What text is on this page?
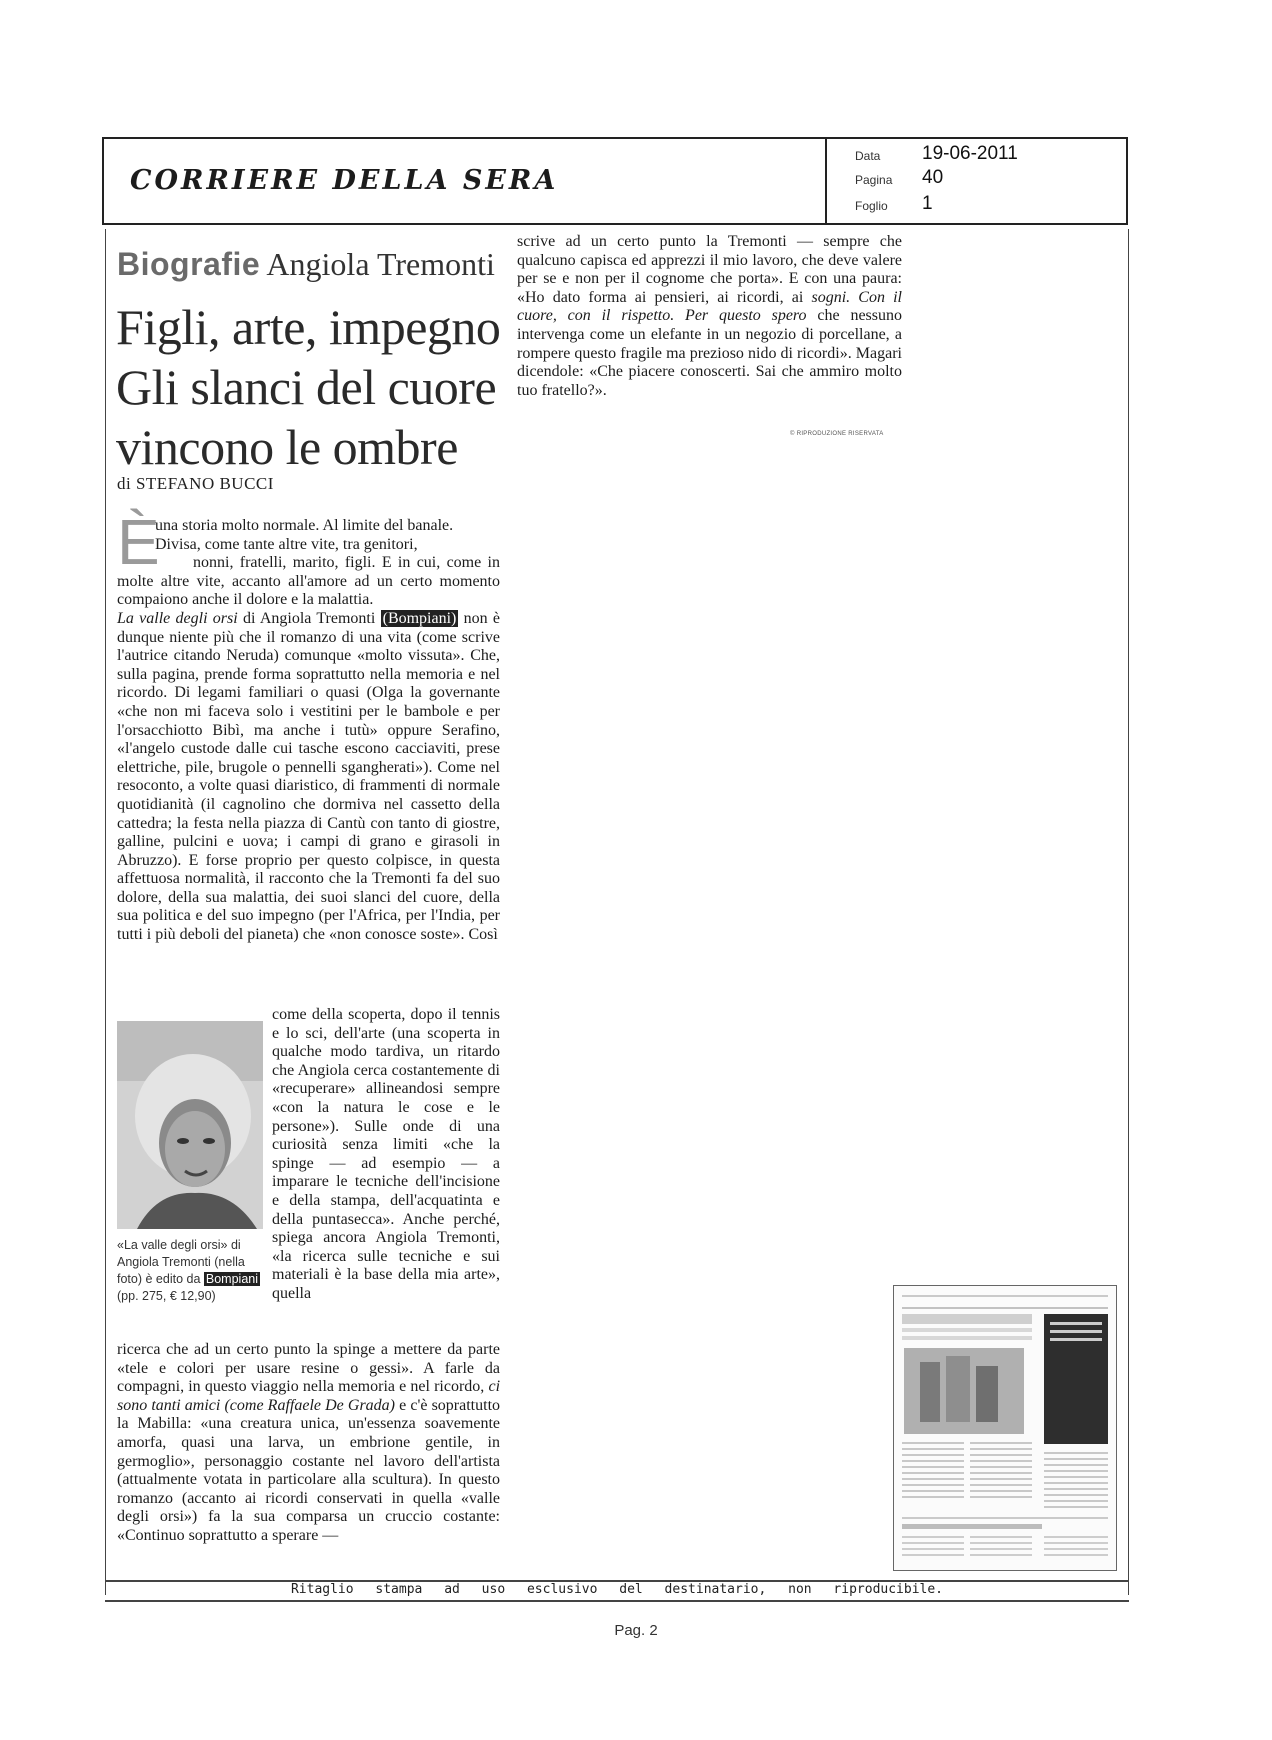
CORRIERE DELLA SERA
Data 19-06-2011
Pagina 40
Foglio 1
Biografie Angiola Tremonti
Figli, arte, impegno
Gli slanci del cuore
vincono le ombre
di STEFANO BUCCI
È

una storia molto normale. Al limite del banale.

Divisa, come tante altre vite, tra genitori,

nonni, fratelli, marito, figli. E in cui, come in molte altre vite, accanto all'amore ad un certo momento compaiono anche il dolore e la malattia.

La valle degli orsi di Angiola Tremonti (Bompiani) non è dunque niente più che il romanzo di una vita (come scrive l'autrice citando Neruda) comunque «molto vissuta». Che, sulla pagina, prende forma soprattutto nella memoria e nel ricordo. Di legami familiari o quasi (Olga la governante «che non mi faceva solo i vestitini per le bambole e per l'orsacchiotto Bibì, ma anche i tutù» oppure Serafino, «l'angelo custode dalle cui tasche escono cacciaviti, prese elettriche, pile, brugole o pennelli sgangherati»). Come nel resoconto, a volte quasi diaristico, di frammenti di normale quotidianità (il cagnolino che dormiva nel cassetto della cattedra; la festa nella piazza di Cantù con tanto di giostre, galline, pulcini e uova; i campi di grano e girasoli in Abruzzo). E forse proprio per questo colpisce, in questa affettuosa normalità, il racconto che la Tremonti fa del suo dolore, della sua malattia, dei suoi slanci del cuore, della sua politica e del suo impegno (per l'Africa, per l'India, per tutti i più deboli del pianeta) che «non conosce soste». Così

come della scoperta, dopo il tennis e lo sci, dell'arte (una scoperta in qualche modo tardiva, un ritardo che Angiola cerca costantemente di «recuperare» allineandosi sempre «con la natura le cose e le persone»). Sulle onde di una curiosità senza limiti «che la spinge — ad esempio — a imparare le tecniche dell'incisione e della stampa, dell'acquatinta e della puntasecca». Anche perché, spiega ancora Angiola Tremonti, «la ricerca sulle tecniche e sui materiali è la base della mia arte», quella

«La valle degli orsi» di Angiola Tremonti (nella foto) è edito da Bompiani
(pp. 275, € 12,90)

ricerca che ad un certo punto la spinge a mettere da parte «tele e colori per usare resine o gessi». A farle da compagni, in questo viaggio nella memoria e nel ricordo, ci sono tanti amici (come Raffaele De Grada) e c'è soprattutto la Mabilla: «una creatura unica, un'essenza soavemente amorfa, quasi una larva, un embrione gentile, in germoglio», personaggio costante nel lavoro dell'artista (attualmente votata in particolare alla scultura). In questo romanzo (accanto ai ricordi conservati in quella «valle degli orsi») fa la sua comparsa un cruccio costante: «Continuo soprattutto a sperare —

scrive ad un certo punto la Tremonti — sempre che qualcuno capisca ed apprezzi il mio lavoro, che deve valere per se e non per il cognome che porta». E con una paura: «Ho dato forma ai pensieri, ai ricordi, ai sogni. Con il cuore, con il rispetto. Per questo spero che nessuno intervenga come un elefante in un negozio di porcellane, a rompere questo fragile ma prezioso nido di ricordi». Magari dicendole: «Che piacere conoscerti. Sai che ammiro molto tuo fratello?».

© RIPRODUZIONE RISERVATA
Ritaglio stampa ad uso esclusivo del destinatario, non riproducibile.
Pag. 2
